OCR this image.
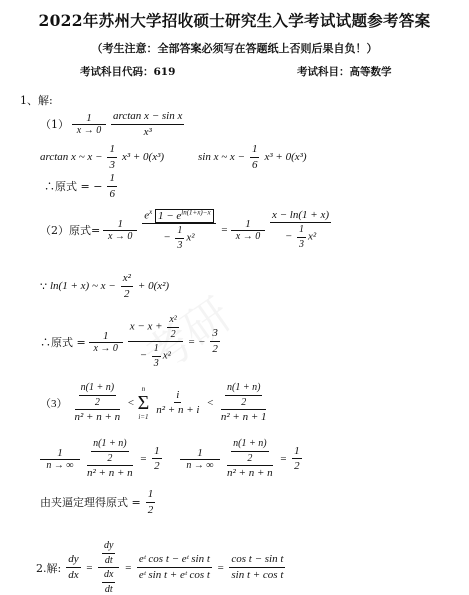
2022年苏州大学招收硕士研究生入学考试试题参考答案
（考生注意：全部答案必须写在答题纸上否则后果自负！）
考试科目代码：619	考试科目：高等数学
1、解:
（1） 1
$x \to 0 \frac{\text{arctan x − sin x}}{\text{x³}}$
arctan x ~ $x - \frac{1}{3} x^3 + 0(x^3)$	sin x ~ $x - \frac{1}{6} x^3 + 0(x^3)$
∴原式 = − $\frac{1}{6}$
（2）原式= 1
$x \to 0 \frac{e^x 1 - e^{ln(1+x)-x}}{- \frac{1}{3} x^2} = 1$
$x \to 0 \frac{x - \ln(1 + x)}{- \frac{1}{3} x^2}$
∵ ln(1 + x) ~ $x - \frac{\text{x²}}{2} + 0(x^2)$
∴原式 = 1
$x \to 0 \frac{x - x + \frac{\text{x²}}{2}}{- \frac{1}{3} x^2}$ = − $\frac{3}{2}$
$(3) \frac{\frac{n(1 + n)}{2}}{\text{n² + n + n}}$ <
n
Σ
$i=1 \frac{i}{\text{n² + n + i}} < \frac{\frac{n(1 + n)}{2}}{\text{n² + n + 1}}$
1
n → ∞ $\frac{\frac{n(1 + n)}{2}}{\text{n² + n + n}} = \frac{1}{2}$	1
n → ∞ $\frac{\frac{n(1 + n)}{2}}{\text{n² + n + n}} = \frac{1}{2}$
由夹逼定理得原式 = $\frac{1}{2}$
2.解: $\frac{dy}{dx} = \frac{\frac{dy}{dt}}{\frac{dx}{dt}} = \frac{\text{eᵗ cos t − eᵗ sin t}}{\text{eᵗ sin t + eᵗ cos t}} = \frac{\text{cos t − sin t}}{\text{sin t + cos t}}$
